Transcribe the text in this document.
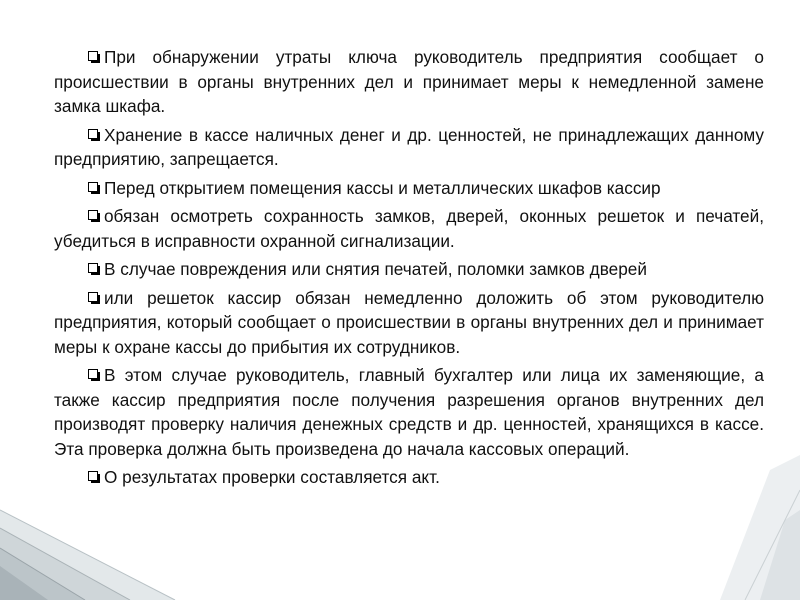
При обнаружении утраты ключа руководитель предприятия сообщает о происшествии в органы внутренних дел и принимает меры к немедленной замене замка шкафа.

Хранение в кассе наличных денег и др. ценностей, не принадлежащих данному предприятию, запрещается.

Перед открытием помещения кассы и металлических шкафов кассир

обязан осмотреть сохранность замков, дверей, оконных решеток и печатей, убедиться в исправности охранной сигнализации.

В случае повреждения или снятия печатей, поломки замков дверей

или решеток кассир обязан немедленно доложить об этом руководителю предприятия, который сообщает о происшествии в органы внутренних дел и принимает меры к охране кассы до прибытия их сотрудников.

В этом случае руководитель, главный бухгалтер или лица их заменяющие, а также кассир предприятия после получения разрешения органов внутренних дел производят проверку наличия денежных средств и др. ценностей, хранящихся в кассе. Эта проверка должна быть произведена до начала кассовых операций.

О результатах проверки составляется акт.
